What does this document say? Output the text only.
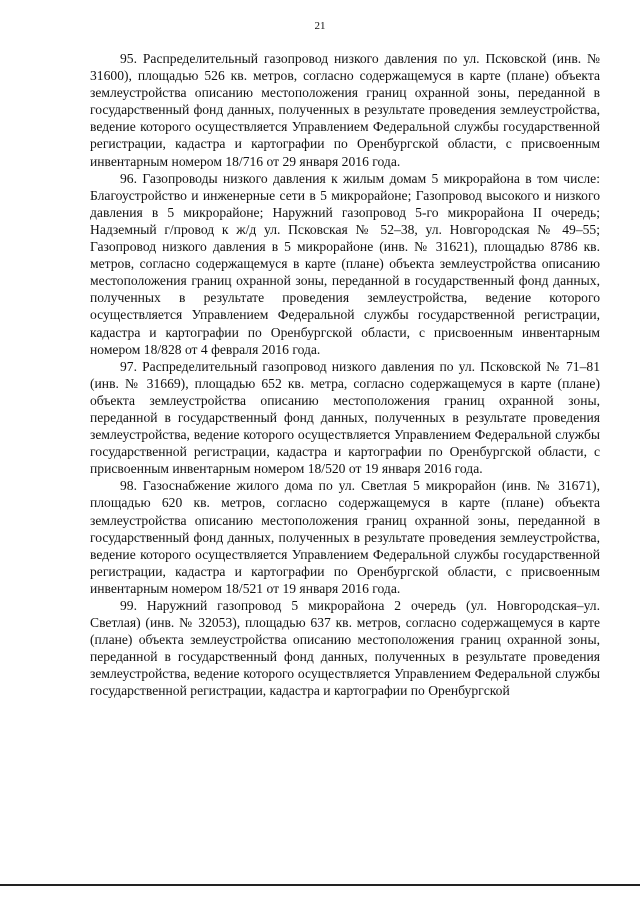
21

95. Распределительный газопровод низкого давления по ул. Псковской (инв. № 31600), площадью 526 кв. метров, согласно содержащемуся в карте (плане) объекта землеустройства описанию местоположения границ охранной зоны, переданной в государственный фонд данных, полученных в результате проведения землеустройства, ведение которого осуществляется Управлением Федеральной службы государственной регистрации, кадастра и картографии по Оренбургской области, с присвоенным инвентарным номером 18/716 от 29 января 2016 года.

96. Газопроводы низкого давления к жилым домам 5 микрорайона в том числе: Благоустройство и инженерные сети в 5 микрорайоне; Газопровод высокого и низкого давления в 5 микрорайоне; Наружний газопровод 5-го микрорайона II очередь; Надземный г/провод к ж/д ул. Псковская № 52–38, ул. Новгородская № 49–55; Газопровод низкого давления в 5 микрорайоне (инв. № 31621), площадью 8786 кв. метров, согласно содержащемуся в карте (плане) объекта землеустройства описанию местоположения границ охранной зоны, переданной в государственный фонд данных, полученных в результате проведения землеустройства, ведение которого осуществляется Управлением Федеральной службы государственной регистрации, кадастра и картографии по Оренбургской области, с присвоенным инвентарным номером 18/828 от 4 февраля 2016 года.

97. Распределительный газопровод низкого давления по ул. Псковской № 71–81 (инв. № 31669), площадью 652 кв. метра, согласно содержащемуся в карте (плане) объекта землеустройства описанию местоположения границ охранной зоны, переданной в государственный фонд данных, полученных в результате проведения землеустройства, ведение которого осуществляется Управлением Федеральной службы государственной регистрации, кадастра и картографии по Оренбургской области, с присвоенным инвентарным номером 18/520 от 19 января 2016 года.

98. Газоснабжение жилого дома по ул. Светлая 5 микрорайон (инв. № 31671), площадью 620 кв. метров, согласно содержащемуся в карте (плане) объекта землеустройства описанию местоположения границ охранной зоны, переданной в государственный фонд данных, полученных в результате проведения землеустройства, ведение которого осуществляется Управлением Федеральной службы государственной регистрации, кадастра и картографии по Оренбургской области, с присвоенным инвентарным номером 18/521 от 19 января 2016 года.

99. Наружний газопровод 5 микрорайона 2 очередь (ул. Новгородская–ул. Светлая) (инв. № 32053), площадью 637 кв. метров, согласно содержащемуся в карте (плане) объекта землеустройства описанию местоположения границ охранной зоны, переданной в государственный фонд данных, полученных в результате проведения землеустройства, ведение которого осуществляется Управлением Федеральной службы государственной регистрации, кадастра и картографии по Оренбургской
